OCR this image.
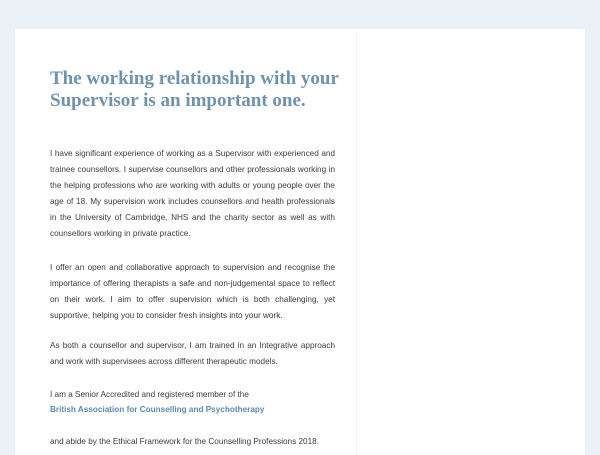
The working relationship with your
Supervisor is an important one.

I have significant experience of working as a Supervisor with experienced and trainee counsellors. I supervise counsellors and other professionals working in the helping professions who are working with adults or young people over the age of 18. My supervision work includes counsellors and health professionals in the University of Cambridge, NHS and the charity sector as well as with counsellors working in private practice.

I offer an open and collaborative approach to supervision and recognise the importance of offering therapists a safe and non-judgemental space to reflect on their work. I aim to offer supervision which is both challenging, yet supportive, helping you to consider fresh insights into your work.

As both a counsellor and supervisor, I am trained in an Integrative approach and work with supervisees across different therapeutic models.

I am a Senior Accredited and registered member of the

British Association for Counselling and Psychotherapy

and abide by the Ethical Framework for the Counselling Professions 2018.
